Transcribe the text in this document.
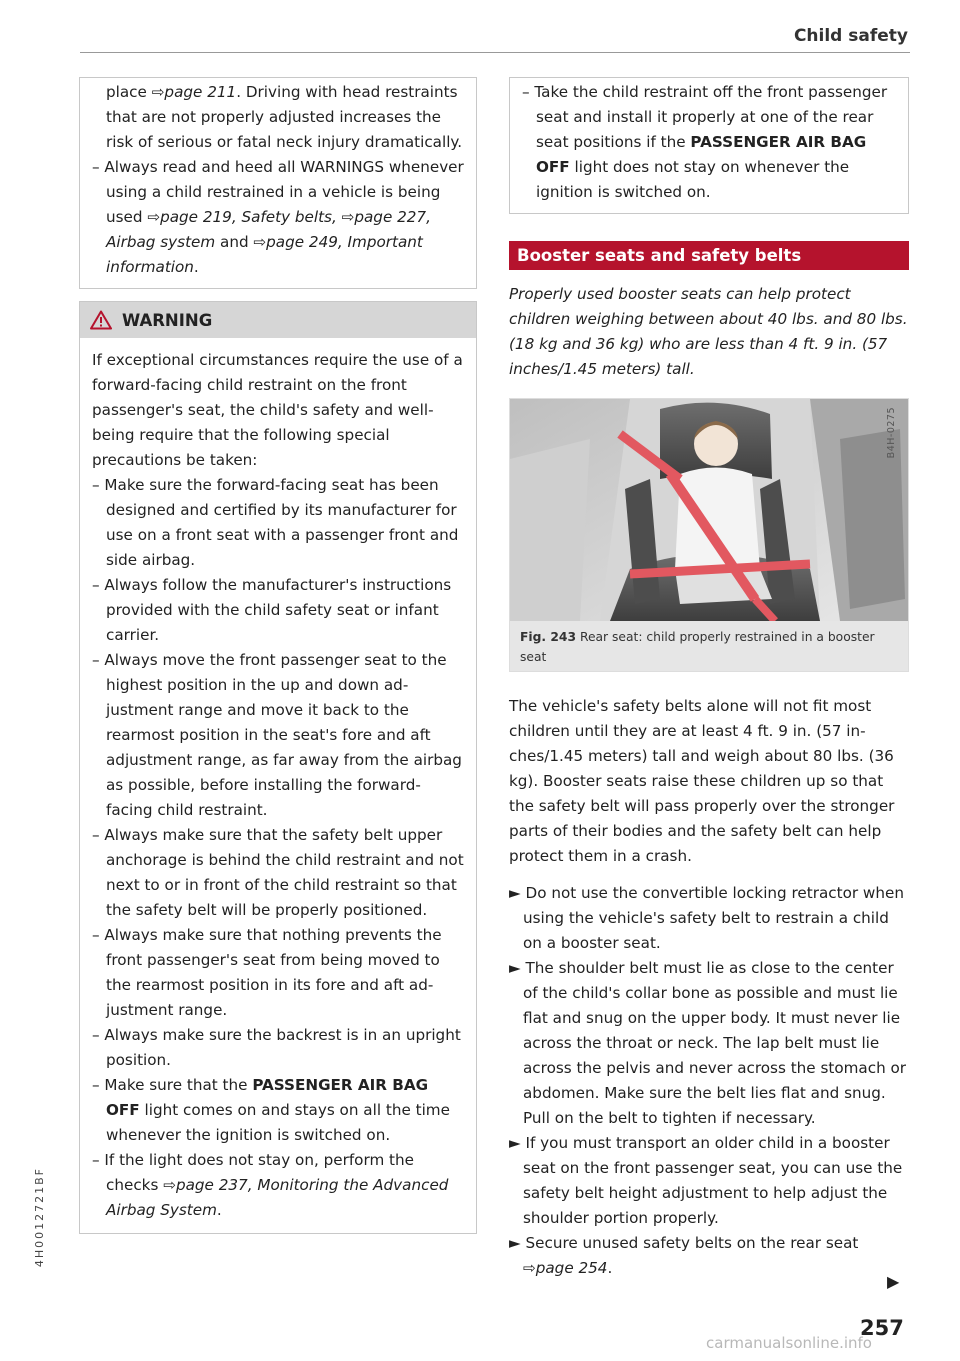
Child safety

place ⇨page 211. Driving with head restraints that are not properly adjusted increases the risk of serious or fatal neck injury dramatically.

– Always read and heed all WARNINGS whenever using a child restrained in a vehicle is being used ⇨page 219, Safety belts, ⇨page 227, Airbag system and ⇨page 249, Important information.

WARNING

If exceptional circumstances require the use of a forward-facing child restraint on the front passenger's seat, the child's safety and well-being require that the following special precautions be taken:

– Make sure the forward-facing seat has been designed and certified by its manufacturer for use on a front seat with a passenger front and side airbag.

– Always follow the manufacturer's instructions provided with the child safety seat or infant carrier.

– Always move the front passenger seat to the highest position in the up and down adjustment range and move it back to the rearmost position in the seat's fore and aft adjustment range, as far away from the airbag as possible, before installing the forward-facing child restraint.

– Always make sure that the safety belt upper anchorage is behind the child restraint and not next to or in front of the child restraint so that the safety belt will be properly positioned.

– Always make sure that nothing prevents the front passenger's seat from being moved to the rearmost position in its fore and aft adjustment range.

– Always make sure the backrest is in an upright position.

– Make sure that the PASSENGER AIR BAG OFF light comes on and stays on all the time whenever the ignition is switched on.

– If the light does not stay on, perform the checks ⇨page 237, Monitoring the Advanced Airbag System.

– Take the child restraint off the front passenger seat and install it properly at one of the rear seat positions if the PASSENGER AIR BAG OFF light does not stay on whenever the ignition is switched on.

Booster seats and safety belts

Properly used booster seats can help protect children weighing between about 40 lbs. and 80 lbs. (18 kg and 36 kg) who are less than 4 ft. 9 in. (57 inches/1.45 meters) tall.

B4H-0275
Fig. 243 Rear seat: child properly restrained in a booster seat

The vehicle's safety belts alone will not fit most children until they are at least 4 ft. 9 in. (57 inches/1.45 meters) tall and weigh about 80 lbs. (36 kg). Booster seats raise these children up so that the safety belt will pass properly over the stronger parts of their bodies and the safety belt can help protect them in a crash.

► Do not use the convertible locking retractor when using the vehicle's safety belt to restrain a child on a booster seat.

► The shoulder belt must lie as close to the center of the child's collar bone as possible and must lie flat and snug on the upper body. It must never lie across the throat or neck. The lap belt must lie across the pelvis and never across the stomach or abdomen. Make sure the belt lies flat and snug. Pull on the belt to tighten if necessary.

► If you must transport an older child in a booster seat on the front passenger seat, you can use the safety belt height adjustment to help adjust the shoulder portion properly.

► Secure unused safety belts on the rear seat ⇨page 254.

▶
257
4H0012721BF
carmanualsonline.info
